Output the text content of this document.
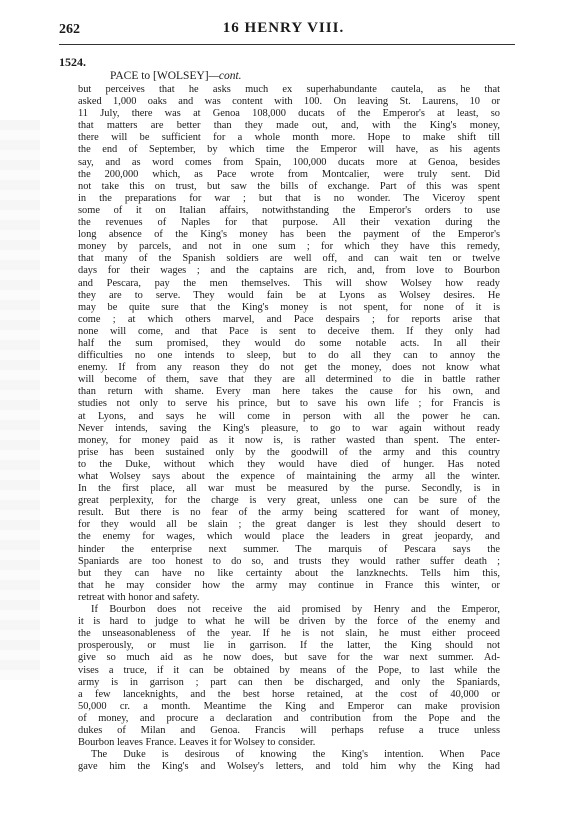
262	16 HENRY VIII.
1524.
PACE to [WOLSEY]—cont.
but perceives that he asks much ex superhabundante cautela, as he that
asked 1,000 oaks and was content with 100. On leaving St. Laurens, 10 or
11 July, there was at Genoa 108,000 ducats of the Emperor's at least, so
that matters are better than they made out, and, with the King's money,
there will be sufficient for a whole month more. Hope to make shift till
the end of September, by which time the Emperor will have, as his agents
say, and as word comes from Spain, 100,000 ducats more at Genoa, besides
the 200,000 which, as Pace wrote from Montcalier, were truly sent. Did
not take this on trust, but saw the bills of exchange. Part of this was spent
in the preparations for war ; but that is no wonder. The Viceroy spent
some of it on Italian affairs, notwithstanding the Emperor's orders to use
the revenues of Naples for that purpose. All their vexation during the
long absence of the King's money has been the payment of the Emperor's
money by parcels, and not in one sum ; for which they have this remedy,
that many of the Spanish soldiers are well off, and can wait ten or twelve
days for their wages ; and the captains are rich, and, from love to Bourbon
and Pescara, pay the men themselves. This will show Wolsey how ready
they are to serve. They would fain be at Lyons as Wolsey desires. He
may be quite sure that the King's money is not spent, for none of it is
come ; at which others marvel, and Pace despairs ; for reports arise that
none will come, and that Pace is sent to deceive them. If they only had
half the sum promised, they would do some notable acts. In all their
difficulties no one intends to sleep, but to do all they can to annoy the
enemy. If from any reason they do not get the money, does not know what
will become of them, save that they are all determined to die in battle rather
than return with shame. Every man here takes the cause for his own, and
studies not only to serve his prince, but to save his own life ; for Francis is
at Lyons, and says he will come in person with all the power he can.
Never intends, saving the King's pleasure, to go to war again without ready
money, for money paid as it now is, is rather wasted than spent. The enter-
prise has been sustained only by the goodwill of the army and this country
to the Duke, without which they would have died of hunger. Has noted
what Wolsey says about the expence of maintaining the army all the winter.
In the first place, all war must be measured by the purse. Secondly, is in
great perplexity, for the charge is very great, unless one can be sure of the
result. But there is no fear of the army being scattered for want of money,
for they would all be slain ; the great danger is lest they should desert to
the enemy for wages, which would place the leaders in great jeopardy, and
hinder the enterprise next summer. The marquis of Pescara says the
Spaniards are too honest to do so, and trusts they would rather suffer death ;
but they can have no like certainty about the lanzknechts. Tells him this,
that he may consider how the army may continue in France this winter, or
retreat with honor and safety.
If Bourbon does not receive the aid promised by Henry and the Emperor,
it is hard to judge to what he will be driven by the force of the enemy and
the unseasonableness of the year. If he is not slain, he must either proceed
prosperously, or must lie in garrison. If the latter, the King should not
give so much aid as he now does, but save for the war next summer. Ad-
vises a truce, if it can be obtained by means of the Pope, to last while the
army is in garrison ; part can then be discharged, and only the Spaniards,
a few lanceknights, and the best horse retained, at the cost of 40,000 or
50,000 cr. a month. Meantime the King and Emperor can make provision
of money, and procure a declaration and contribution from the Pope and the
dukes of Milan and Genoa. Francis will perhaps refuse a truce unless
Bourbon leaves France. Leaves it for Wolsey to consider.
The Duke is desirous of knowing the King's intention. When Pace
gave him the King's and Wolsey's letters, and told him why the King had
